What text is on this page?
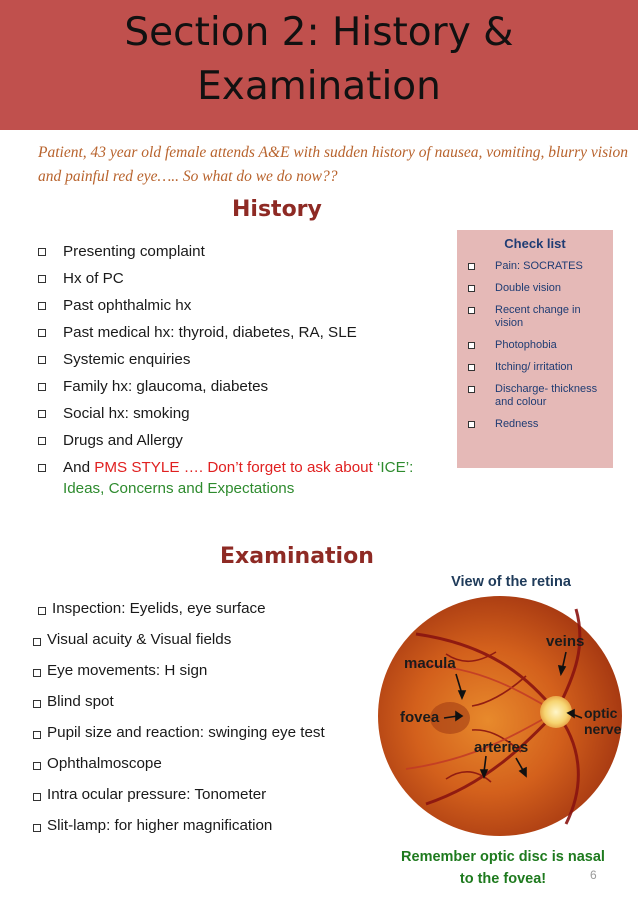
Section 2: History &
Examination
Patient, 43 year old female attends A&E with sudden history of nausea, vomiting, blurry vision and painful red eye….. So what do we do now??
History
Presenting complaint
Hx of PC
Past ophthalmic hx
Past medical hx: thyroid, diabetes, RA, SLE
Systemic enquiries
Family hx: glaucoma, diabetes
Social hx: smoking
Drugs and Allergy
And PMS STYLE …. Don’t forget to ask about ‘ICE’: Ideas, Concerns and Expectations
Check list
Pain: SOCRATES
Double vision
Recent change in vision
Photophobia
Itching/ irritation
Discharge- thickness and colour
Redness
Examination
Inspection: Eyelids, eye surface
Visual acuity & Visual fields
Eye movements: H sign
Blind spot
Pupil size and reaction: swinging eye test
Ophthalmoscope
Intra ocular pressure: Tonometer
Slit-lamp: for higher magnification
View of the retina
macula
fovea
arteries
veins
optic
nerve
Remember optic disc is nasal
to the fovea!	6
